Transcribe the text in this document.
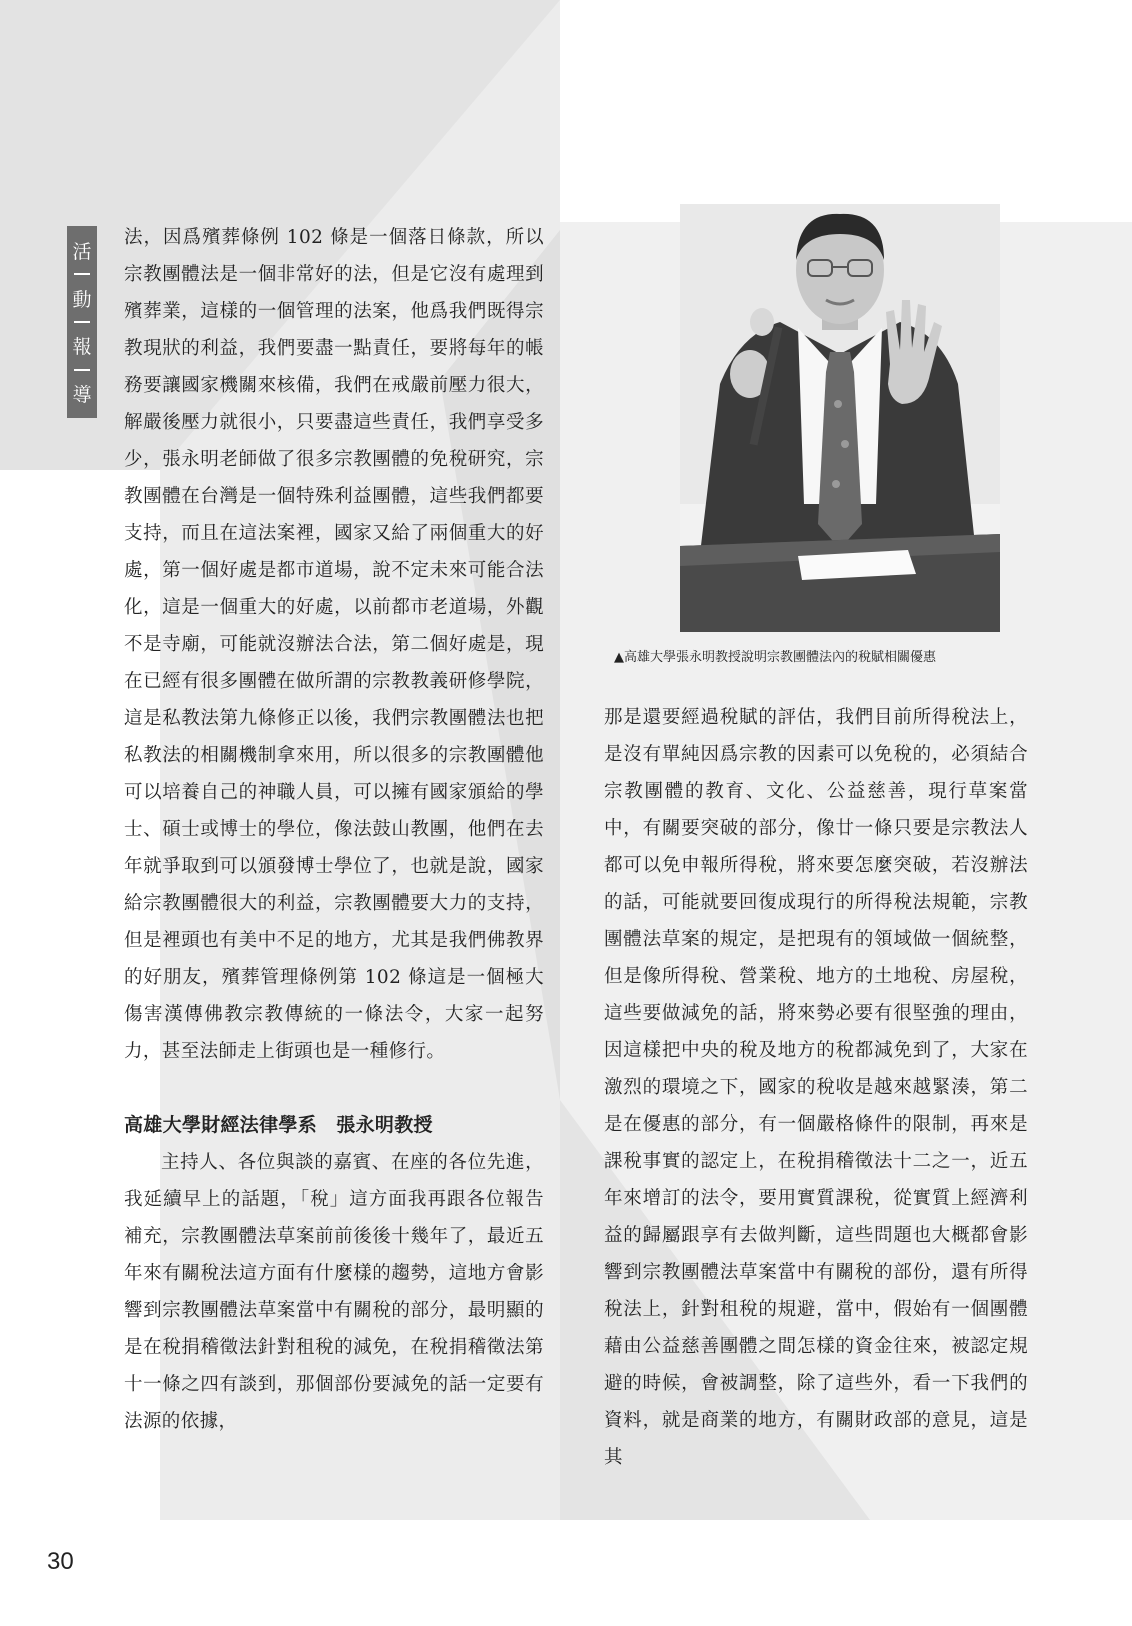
活
動
報
導

法，因爲殯葬條例 102 條是一個落日條款，所以宗教團體法是一個非常好的法，但是它沒有處理到殯葬業，這樣的一個管理的法案，他爲我們既得宗教現狀的利益，我們要盡一點責任，要將每年的帳務要讓國家機關來核備，我們在戒嚴前壓力很大，解嚴後壓力就很小，只要盡這些責任，我們享受多少，張永明老師做了很多宗教團體的免稅研究，宗教團體在台灣是一個特殊利益團體，這些我們都要支持，而且在這法案裡，國家又給了兩個重大的好處，第一個好處是都市道場，說不定未來可能合法化，這是一個重大的好處，以前都市老道場，外觀不是寺廟，可能就沒辦法合法，第二個好處是，現在已經有很多團體在做所謂的宗教教義研修學院，這是私教法第九條修正以後，我們宗教團體法也把私教法的相關機制拿來用，所以很多的宗教團體他可以培養自己的神職人員，可以擁有國家頒給的學士、碩士或博士的學位，像法鼓山教團，他們在去年就爭取到可以頒發博士學位了，也就是說，國家給宗教團體很大的利益，宗教團體要大力的支持，但是裡頭也有美中不足的地方，尤其是我們佛教界的好朋友，殯葬管理條例第 102 條這是一個極大傷害漢傳佛教宗教傳統的一條法令，大家一起努力，甚至法師走上街頭也是一種修行。

高雄大學財經法律學系　張永明教授

主持人、各位與談的嘉賓、在座的各位先進，我延續早上的話題，「稅」這方面我再跟各位報告補充，宗教團體法草案前前後後十幾年了，最近五年來有關稅法這方面有什麼樣的趨勢，這地方會影響到宗教團體法草案當中有關稅的部分，最明顯的是在稅捐稽徵法針對租稅的減免，在稅捐稽徵法第十一條之四有談到，那個部份要減免的話一定要有法源的依據，

▲高雄大學張永明教授說明宗教團體法內的稅賦相關優惠

那是還要經過稅賦的評估，我們目前所得稅法上，是沒有單純因爲宗教的因素可以免稅的，必須結合宗教團體的教育、文化、公益慈善，現行草案當中，有關要突破的部分，像廿一條只要是宗教法人都可以免申報所得稅，將來要怎麼突破，若沒辦法的話，可能就要回復成現行的所得稅法規範，宗教團體法草案的規定，是把現有的領域做一個統整，但是像所得稅、營業稅、地方的土地稅、房屋稅，這些要做減免的話，將來勢必要有很堅強的理由，因這樣把中央的稅及地方的稅都減免到了，大家在激烈的環境之下，國家的稅收是越來越緊湊，第二是在優惠的部分，有一個嚴格條件的限制，再來是課稅事實的認定上，在稅捐稽徵法十二之一，近五年來增訂的法令，要用實質課稅，從實質上經濟利益的歸屬跟享有去做判斷，這些問題也大概都會影響到宗教團體法草案當中有關稅的部份，還有所得稅法上，針對租稅的規避，當中，假始有一個團體藉由公益慈善團體之間怎樣的資金往來，被認定規避的時候，會被調整，除了這些外，看一下我們的資料，就是商業的地方，有關財政部的意見，這是其

30
